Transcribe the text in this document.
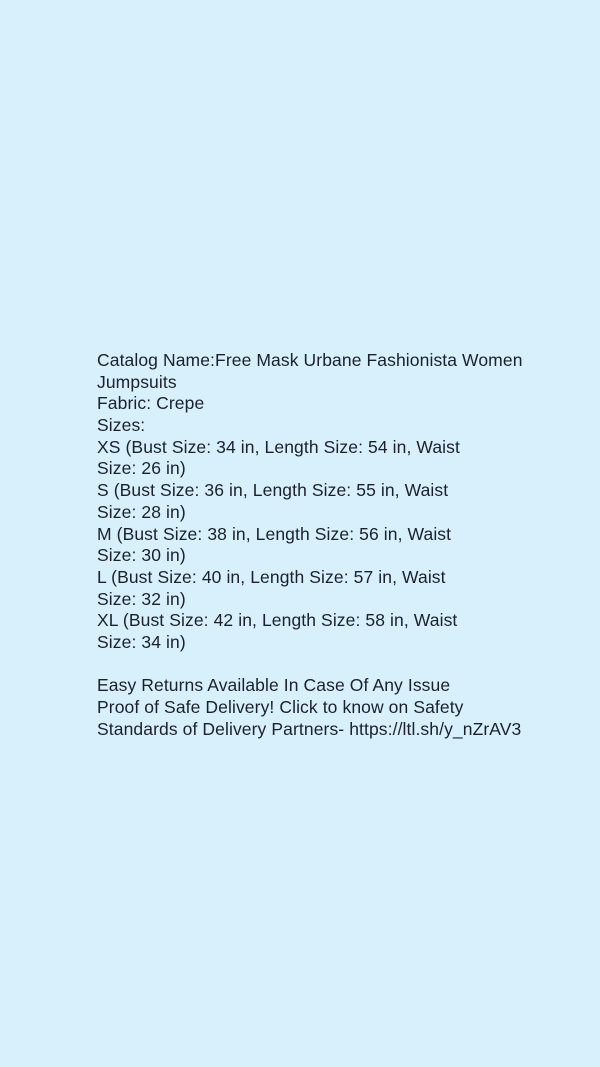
Catalog Name:Free Mask Urbane Fashionista Women
Jumpsuits
Fabric: Crepe
Sizes:
XS (Bust Size: 34 in, Length Size: 54 in, Waist
Size: 26 in)
S (Bust Size: 36 in, Length Size: 55 in, Waist
Size: 28 in)
M (Bust Size: 38 in, Length Size: 56 in, Waist
Size: 30 in)
L (Bust Size: 40 in, Length Size: 57 in, Waist
Size: 32 in)
XL (Bust Size: 42 in, Length Size: 58 in, Waist
Size: 34 in)
Easy Returns Available In Case Of Any Issue
Proof of Safe Delivery! Click to know on Safety
Standards of Delivery Partners- https://ltl.sh/y_nZrAV3
